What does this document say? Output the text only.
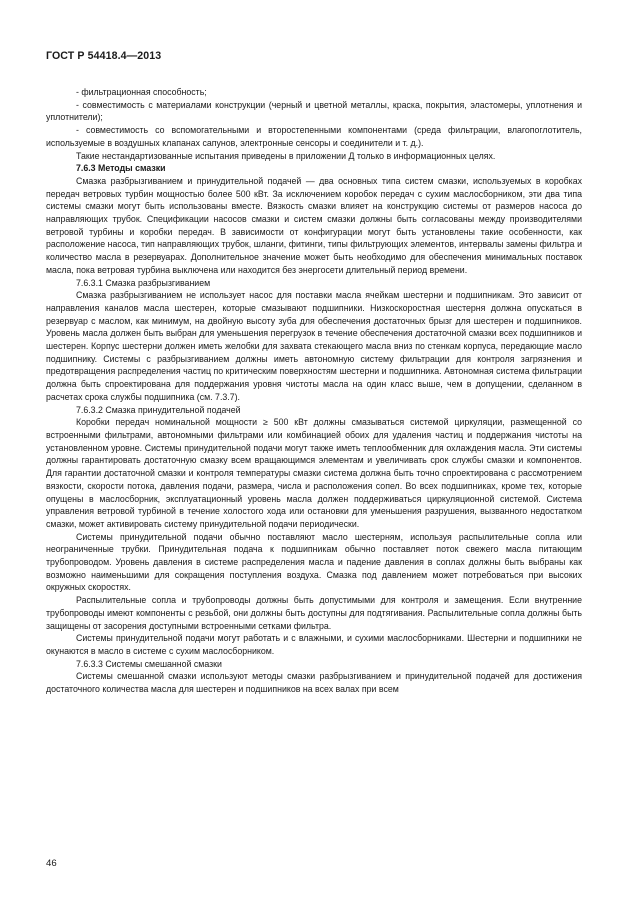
ГОСТ Р 54418.4—2013

- фильтрационная способность;

- совместимость с материалами конструкции (черный и цветной металлы, краска, покрытия, эластомеры, уплотнения и уплотнители);

- совместимость со вспомогательными и второстепенными компонентами (среда фильтрации, влагопоглотитель, используемые в воздушных клапанах сапунов, электронные сенсоры и соединители и т. д.).

Такие нестандартизованные испытания приведены в приложении Д только в информационных целях.

7.6.3 Методы смазки

Смазка разбрызгиванием и принудительной подачей — два основных типа систем смазки, используемых в коробках передач ветровых турбин мощностью более 500 кВт. За исключением коробок передач с сухим маслосборником, эти два типа системы смазки могут быть использованы вместе. Вязкость смазки влияет на конструкцию системы от размеров насоса до направляющих трубок. Спецификации насосов смазки и систем смазки должны быть согласованы между производителями ветровой турбины и коробки передач. В зависимости от конфигурации могут быть установлены такие особенности, как расположение насоса, тип направляющих трубок, шланги, фитинги, типы фильтрующих элементов, интервалы замены фильтра и количество масла в резервуарах. Дополнительное значение может быть необходимо для обеспечения минимальных поставок масла, пока ветровая турбина выключена или находится без энергосети длительный период времени.

7.6.3.1 Смазка разбрызгиванием

Смазка разбрызгиванием не использует насос для поставки масла ячейкам шестерни и подшипникам. Это зависит от направления каналов масла шестерен, которые смазывают подшипники. Низкоскоростная шестерня должна опускаться в резервуар с маслом, как минимум, на двойную высоту зуба для обеспечения достаточных брызг для шестерен и подшипников. Уровень масла должен быть выбран для уменьшения перегрузок в течение обеспечения достаточной смазки всех подшипников и шестерен. Корпус шестерни должен иметь желобки для захвата стекающего масла вниз по стенкам корпуса, передающие масло подшипнику. Системы с разбрызгиванием должны иметь автономную систему фильтрации для контроля загрязнения и предотвращения распределения частиц по критическим поверхностям шестерни и подшипника. Автономная система фильтрации должна быть спроектирована для поддержания уровня чистоты масла на один класс выше, чем в допущении, сделанном в расчетах срока службы подшипника (см. 7.3.7).

7.6.3.2 Смазка принудительной подачей

Коробки передач номинальной мощности ≥ 500 кВт должны смазываться системой циркуляции, размещенной со встроенными фильтрами, автономными фильтрами или комбинацией обоих для удаления частиц и поддержания чистоты на установленном уровне. Системы принудительной подачи могут также иметь теплообменник для охлаждения масла. Эти системы должны гарантировать достаточную смазку всем вращающимся элементам и увеличивать срок службы смазки и компонентов. Для гарантии достаточной смазки и контроля температуры смазки система должна быть точно спроектирована с рассмотрением вязкости, скорости потока, давления подачи, размера, числа и расположения сопел. Во всех подшипниках, кроме тех, которые опущены в маслосборник, эксплуатационный уровень масла должен поддерживаться циркуляционной системой. Система управления ветровой турбиной в течение холостого хода или остановки для уменьшения разрушения, вызванного недостатком смазки, может активировать систему принудительной подачи периодически.

Системы принудительной подачи обычно поставляют масло шестерням, используя распылительные сопла или неограниченные трубки. Принудительная подача к подшипникам обычно поставляет поток свежего масла питающим трубопроводом. Уровень давления в системе распределения масла и падение давления в соплах должны быть выбраны как возможно наименьшими для сокращения поступления воздуха. Смазка под давлением может потребоваться при высоких окружных скоростях.

Распылительные сопла и трубопроводы должны быть допустимыми для контроля и замещения. Если внутренние трубопроводы имеют компоненты с резьбой, они должны быть доступны для подтягивания. Распылительные сопла должны быть защищены от засорения доступными встроенными сетками фильтра.

Системы принудительной подачи могут работать и с влажными, и сухими маслосборниками. Шестерни и подшипники не окунаются в масло в системе с сухим маслосборником.

7.6.3.3 Системы смешанной смазки

Системы смешанной смазки используют методы смазки разбрызгиванием и принудительной подачей для достижения достаточного количества масла для шестерен и подшипников на всех валах при всем

46
